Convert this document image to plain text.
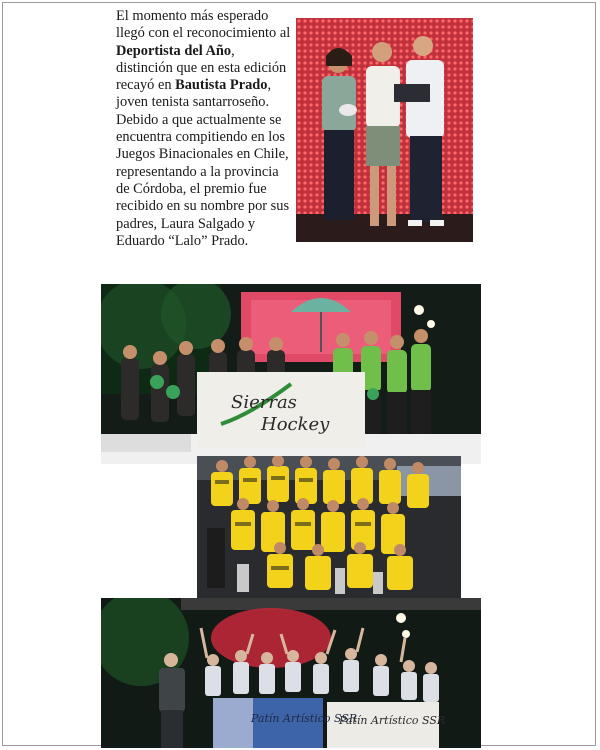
El momento más esperado llegó con el reconocimiento al Deportista del Año, distinción que en esta edición recayó en Bautista Prado, joven tenista santarroseño.

Debido a que actualmente se encuentra compitiendo en los Juegos Binacionales en Chile, representando a la provincia de Córdoba, el premio fue recibido en su nombre por sus padres, Laura Salgado y Eduardo “Lalo” Prado.

Sierras
Hockey
Patín Artístico SSR
Patín Artístico SSR
